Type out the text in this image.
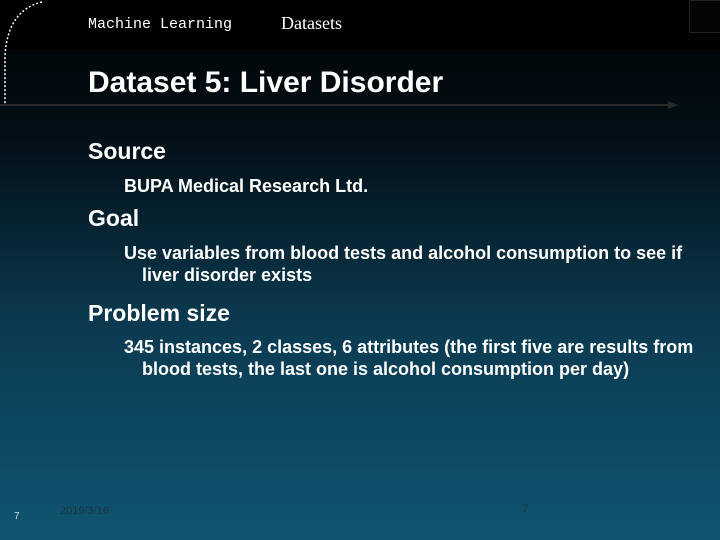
Machine Learning	Datasets
Dataset 5: Liver Disorder
Source
BUPA Medical Research Ltd.
Goal
Use variables from blood tests and alcohol consumption to see if liver disorder exists
Problem size
345 instances, 2 classes, 6 attributes (the first five are results from blood tests, the last one is alcohol consumption per day)
7	2019/3/16	7
